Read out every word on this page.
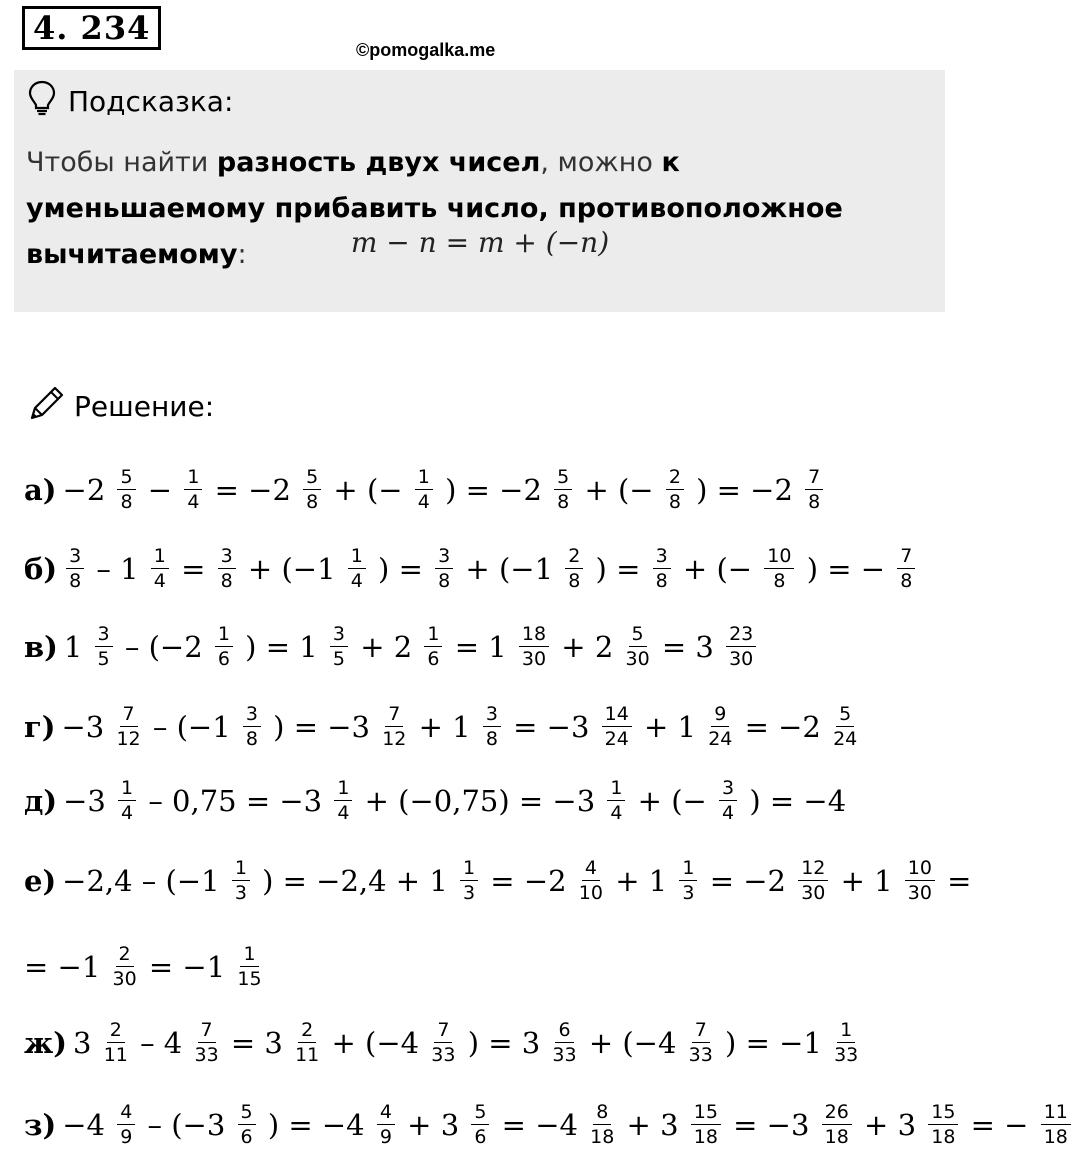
4. 234
©pomogalka.me
Подсказка:
Чтобы найти разность двух чисел, можно к уменьшаемому прибавить число, противоположное вычитаемому:	m − n = m + (−n)
Решение:
$а) -2 \frac{5}{8} - \frac{1}{4} = -2 \frac{5}{8}$ + (− $\frac{1}{4}$ ) = $-2 \frac{5}{8}$ + (− $\frac{2}{8}$ ) = $-2 \frac{7}{8}$
$б) \frac{3}{8} - 1 \frac{1}{4} = \frac{3}{8} + (-1 \frac{1}{4}$ ) = $\frac{3}{8} + (-1 \frac{2}{8}$ ) = $\frac{3}{8}$ + (− $\frac{10}{8}$ ) = − $\frac{7}{8}$
в) $1 \frac{3}{5} - (-2 \frac{1}{6}$ ) = $1 \frac{3}{5} + 2 \frac{1}{6} = 1 \frac{18}{30} + 2 \frac{5}{30} = 3 \frac{23}{30}$
$г) -3 \frac{7}{12} - (-1 \frac{3}{8}$ ) = $-3 \frac{7}{12} + 1 \frac{3}{8} = -3 \frac{14}{24} + 1 \frac{9}{24} = -2 \frac{5}{24}$
$д) -3 \frac{1}{4} - 0,75 = -3 \frac{1}{4} + (-0,75) = -3 \frac{1}{4}$ + (− $\frac{3}{4}$ ) = −4
$е) -2,4 - (-1 \frac{1}{3}$ ) = $-2,4 + 1 \frac{1}{3} = -2 \frac{4}{10} + 1 \frac{1}{3} = -2 \frac{12}{30} + 1 \frac{10}{30}$ =
= $-1 \frac{2}{30} = -1 \frac{1}{15}$
ж) $3 \frac{2}{11} - 4 \frac{7}{33} = 3 \frac{2}{11} + (-4 \frac{7}{33}$ ) = $3 \frac{6}{33} + (-4 \frac{7}{33}$ ) = $-1 \frac{1}{33}$
$з) -4 \frac{4}{9} - (-3 \frac{5}{6}$ ) = $-4 \frac{4}{9} + 3 \frac{5}{6} = -4 \frac{8}{18} + 3 \frac{15}{18} = -3 \frac{26}{18} + 3 \frac{15}{18}$ = − $\frac{11}{18}$
